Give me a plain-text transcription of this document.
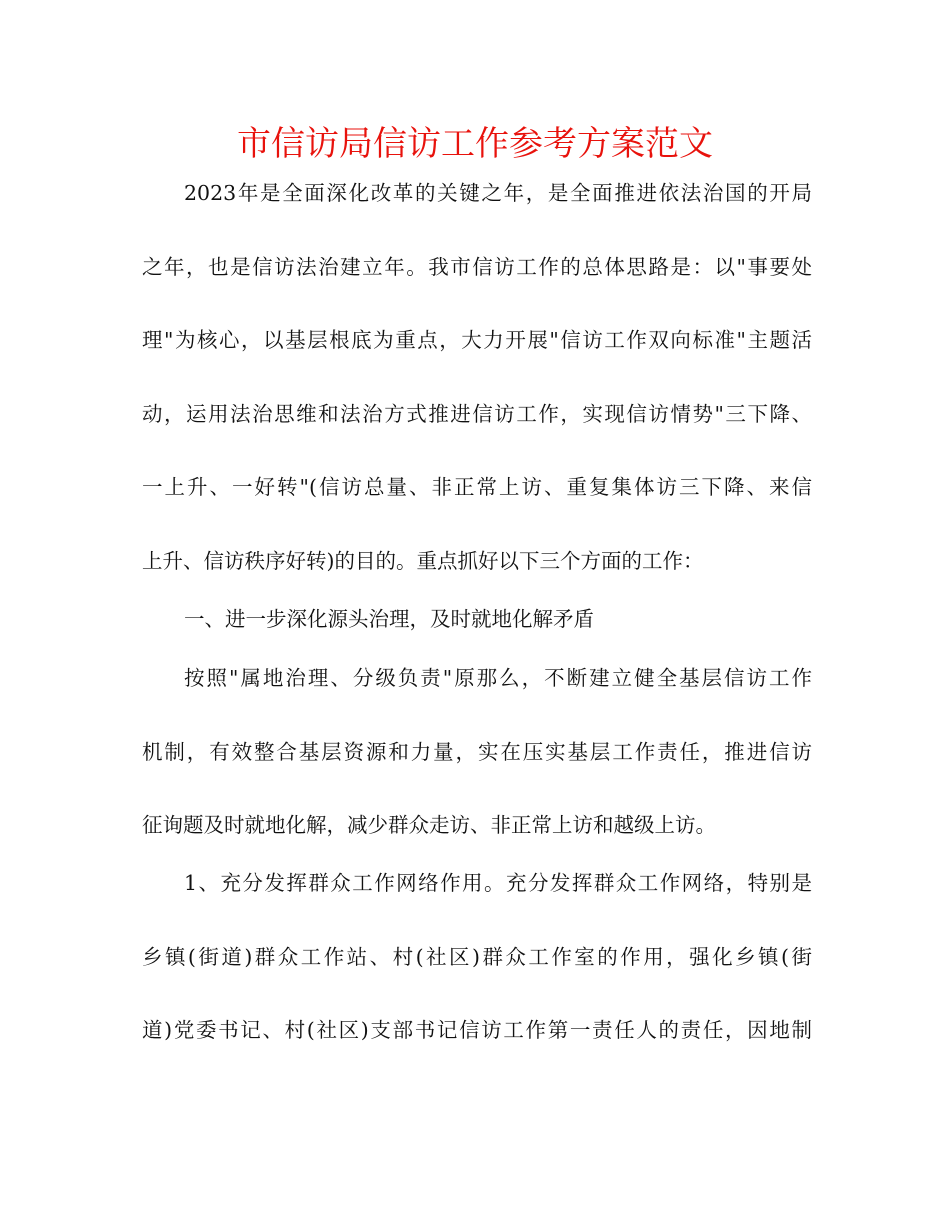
市信访局信访工作参考方案范文
2023年是全面深化改革的关键之年，是全面推进依法治国的开局
之年，也是信访法治建立年。我市信访工作的总体思路是：以"事要处
理"为核心，以基层根底为重点，大力开展"信访工作双向标准"主题活
动，运用法治思维和法治方式推进信访工作，实现信访情势"三下降、
一上升、一好转"(信访总量、非正常上访、重复集体访三下降、来信
上升、信访秩序好转)的目的。重点抓好以下三个方面的工作：
一、进一步深化源头治理，及时就地化解矛盾
按照"属地治理、分级负责"原那么，不断建立健全基层信访工作
机制，有效整合基层资源和力量，实在压实基层工作责任，推进信访
征询题及时就地化解，减少群众走访、非正常上访和越级上访。
1、充分发挥群众工作网络作用。充分发挥群众工作网络，特别是
乡镇(街道)群众工作站、村(社区)群众工作室的作用，强化乡镇(街
道)党委书记、村(社区)支部书记信访工作第一责任人的责任，因地制
